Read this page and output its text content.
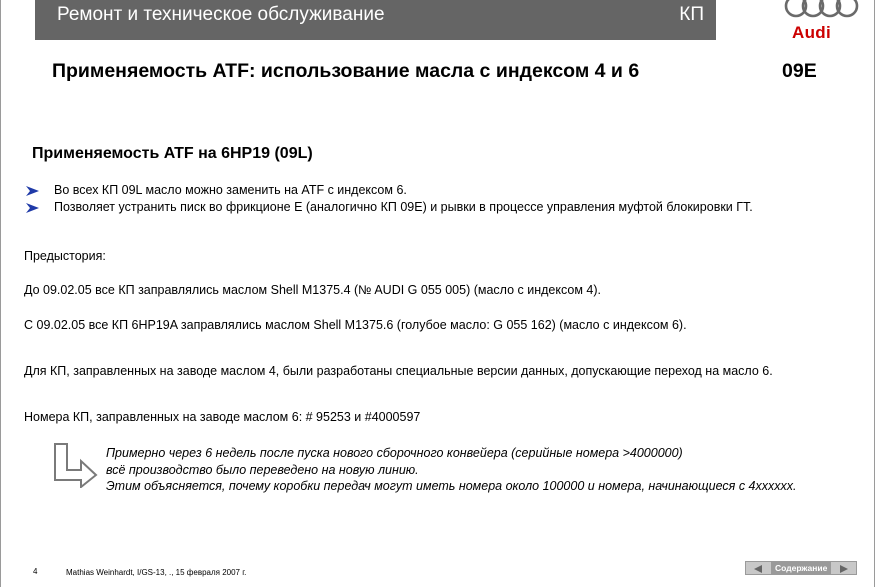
Ремонт и техническое обслуживание	КП
Audi
Применяемость ATF: использование масла с индексом 4 и 6	09E
Применяемость ATF на 6HP19 (09L)
Во всех КП 09L масло можно заменить на ATF с индексом 6.
Позволяет устранить писк во фрикционе E (аналогично КП 09E) и рывки в процессе управления муфтой блокировки ГТ.
Предыстория:
До 09.02.05 все КП заправлялись маслом Shell M1375.4 (№ AUDI G 055 005) (масло с индексом 4).
С 09.02.05 все КП 6HP19A заправлялись маслом Shell M1375.6 (голубое масло: G 055 162) (масло с индексом 6).
Для КП, заправленных на заводе маслом 4, были разработаны специальные версии данных, допускающие переход на масло 6.
Номера КП, заправленных на заводе маслом 6: # 95253 и #4000597
Примерно через 6 недель после пуска нового сборочного конвейера (серийные номера >4000000)
всё производство было переведено на новую линию.
Этим объясняется, почему коробки передач могут иметь номера около 100000 и номера, начинающиеся с 4xxxxxx.
4	Mathias Weinhardt, I/GS-13, ., 15 февраля 2007 г.	Содержание
